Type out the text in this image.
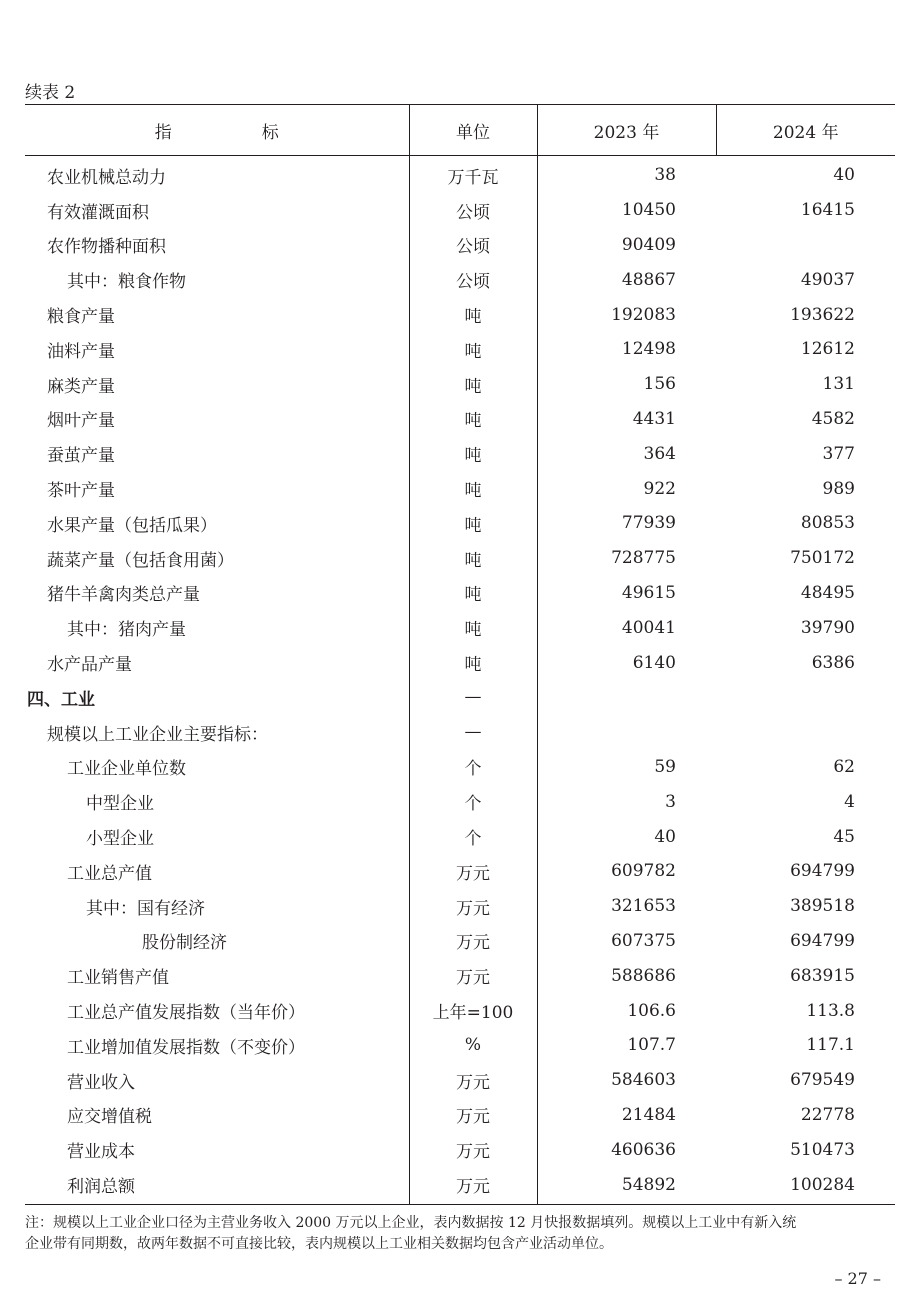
续表 2
指 标	单位	2023 年	2024 年
农业机械总动力	万千瓦	38	40
有效灌溉面积	公顷	10450	16415
农作物播种面积	公顷	90409	
其中：粮食作物	公顷	48867	49037
粮食产量	吨	192083	193622
油料产量	吨	12498	12612
麻类产量	吨	156	131
烟叶产量	吨	4431	4582
蚕茧产量	吨	364	377
茶叶产量	吨	922	989
水果产量（包括瓜果）	吨	77939	80853
蔬菜产量（包括食用菌）	吨	728775	750172
猪牛羊禽肉类总产量	吨	49615	48495
其中：猪肉产量	吨	40041	39790
水产品产量	吨	6140	6386
四、工业	—		
规模以上工业企业主要指标：	—		
工业企业单位数	个	59	62
中型企业	个	3	4
小型企业	个	40	45
工业总产值	万元	609782	694799
其中：国有经济	万元	321653	389518
股份制经济	万元	607375	694799
工业销售产值	万元	588686	683915
工业总产值发展指数（当年价）	上年=100	106.6	113.8
工业增加值发展指数（不变价）	%	107.7	117.1
营业收入	万元	584603	679549
应交增值税	万元	21484	22778
营业成本	万元	460636	510473
利润总额	万元	54892	100284
注：规模以上工业企业口径为主营业务收入 2000 万元以上企业，表内数据按 12 月快报数据填列。规模以上工业中有新入统
企业带有同期数，故两年数据不可直接比较，表内规模以上工业相关数据均包含产业活动单位。
– 27 –
